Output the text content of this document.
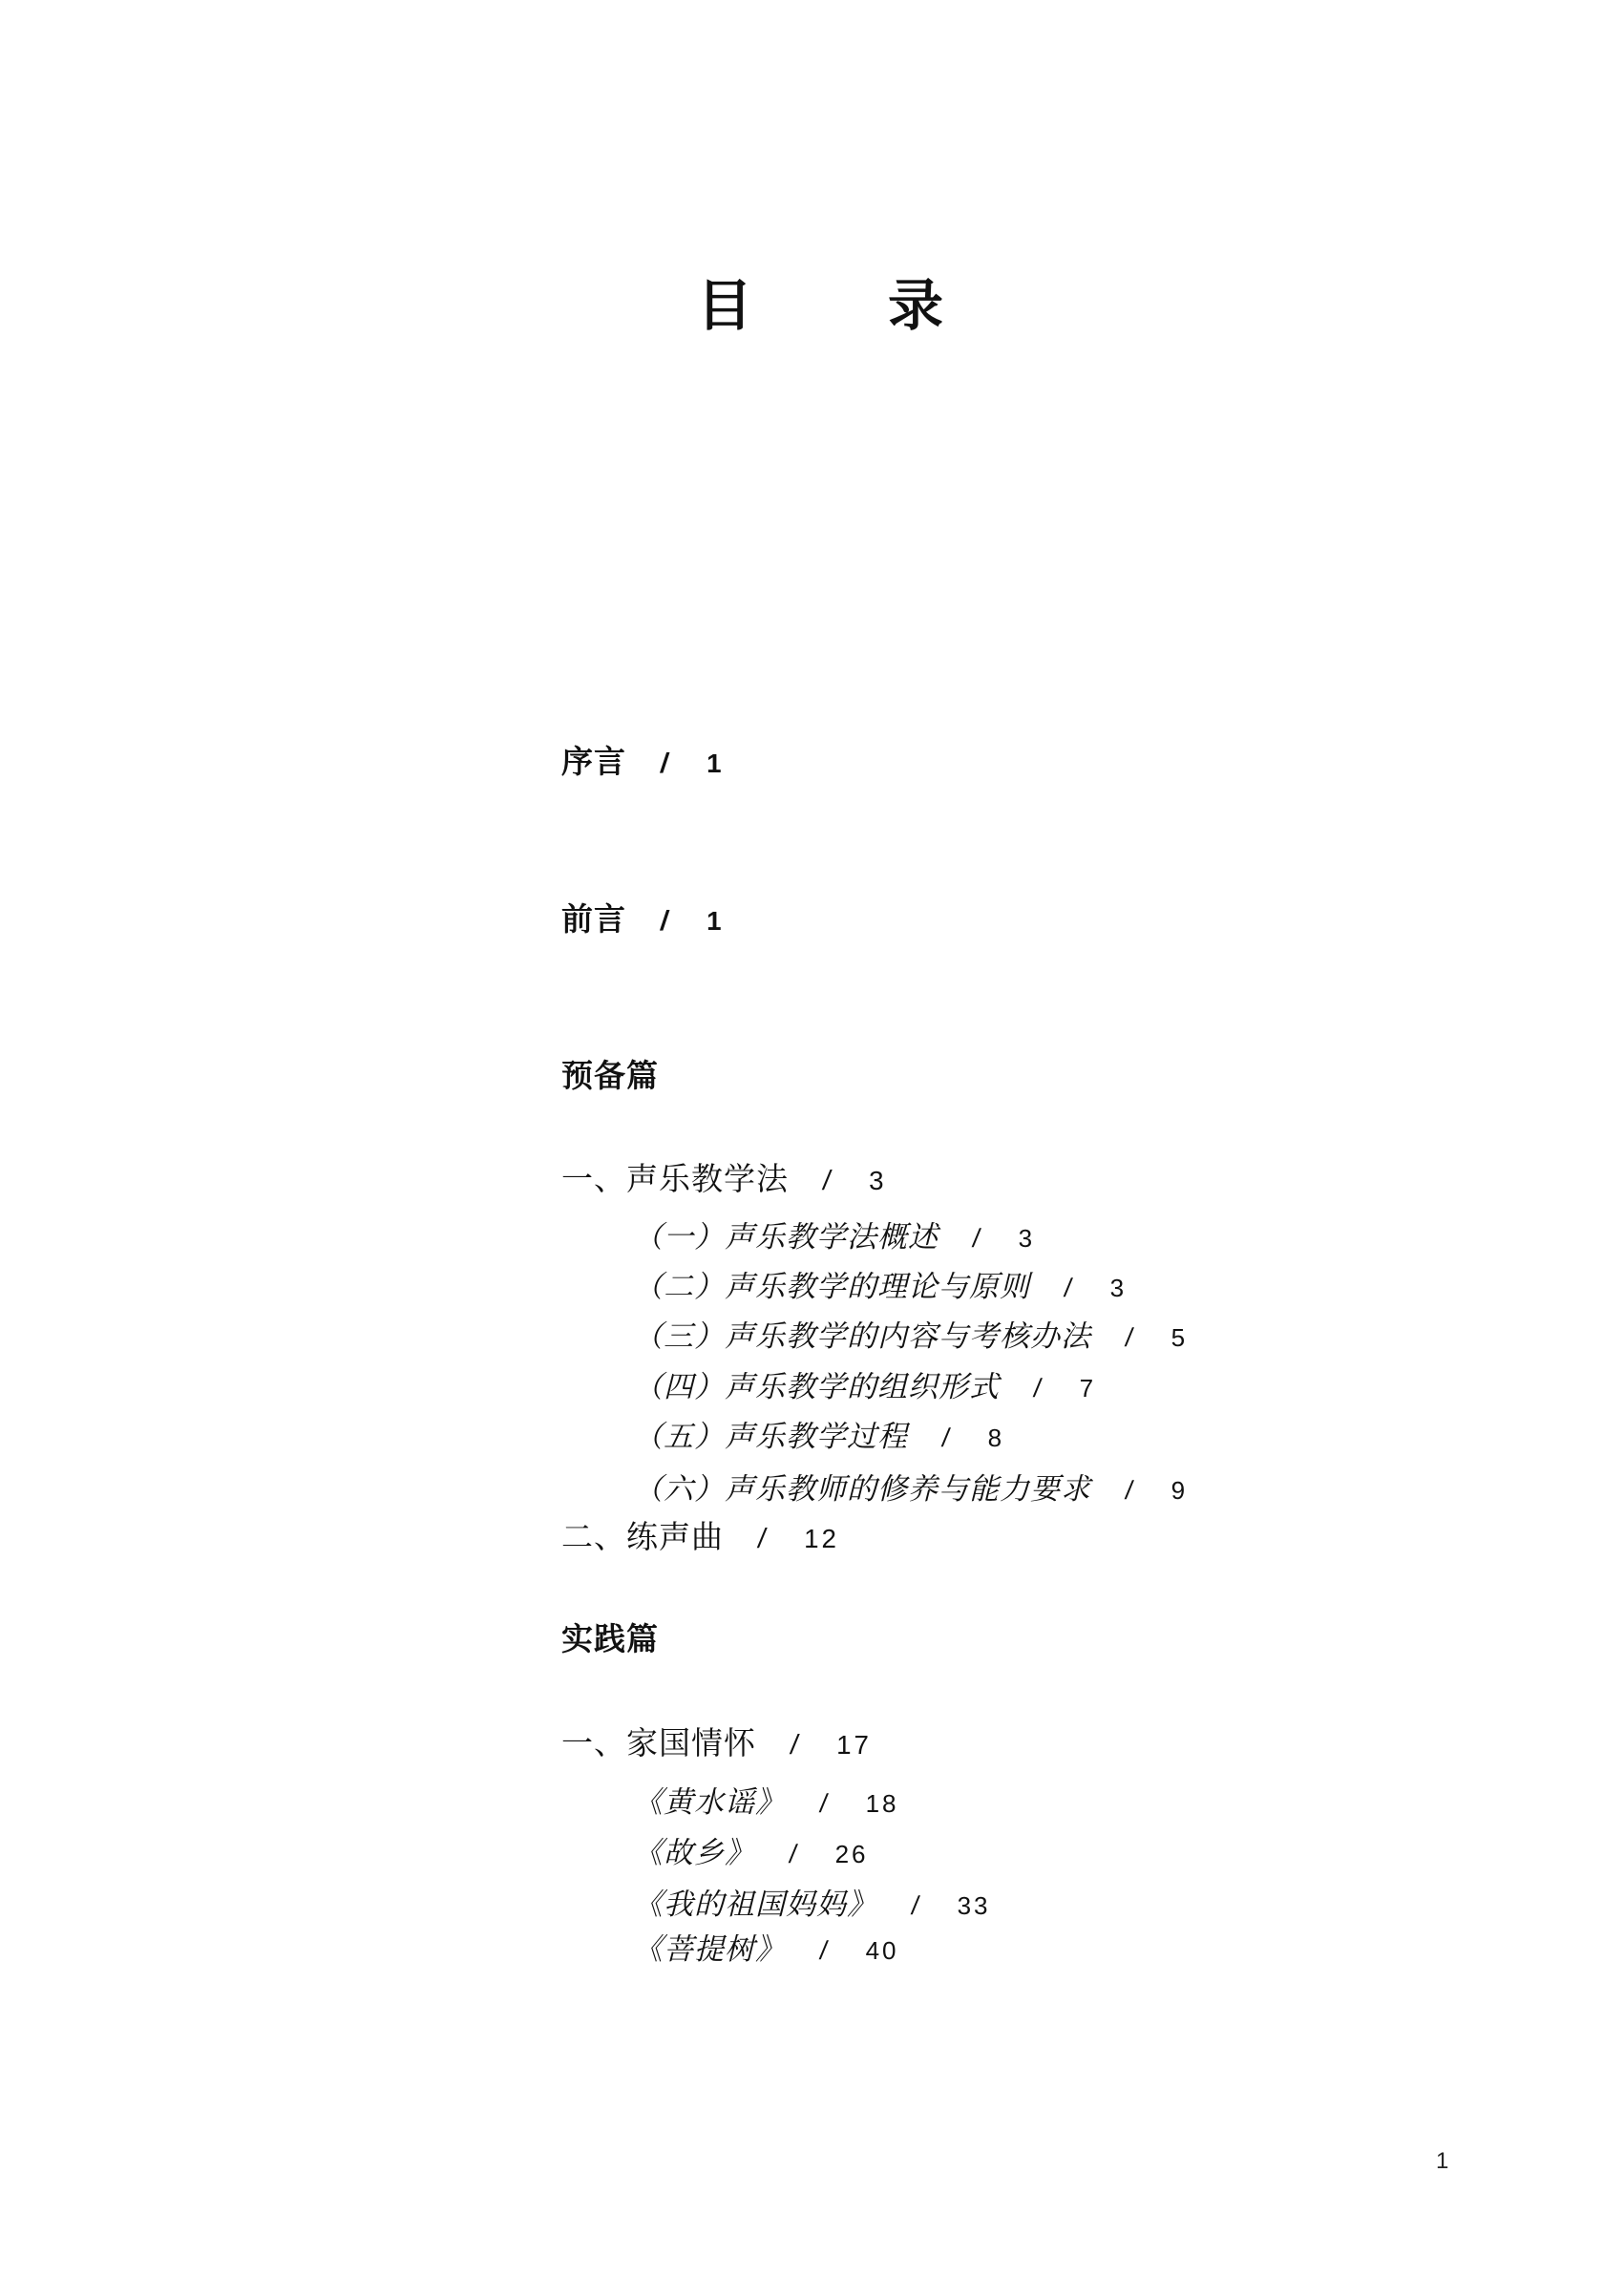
目 录
序言 / 1
前言 / 1
预备篇
一、声乐教学法 / 3
（一）声乐教学法概述 / 3
（二）声乐教学的理论与原则 / 3
（三）声乐教学的内容与考核办法 / 5
（四）声乐教学的组织形式 / 7
（五）声乐教学过程 / 8
（六）声乐教师的修养与能力要求 / 9
二、练声曲 / 12
实践篇
一、家国情怀 / 17
《黄水谣》 / 18
《故乡》 / 26
《我的祖国妈妈》 / 33
《菩提树》 / 40
1
